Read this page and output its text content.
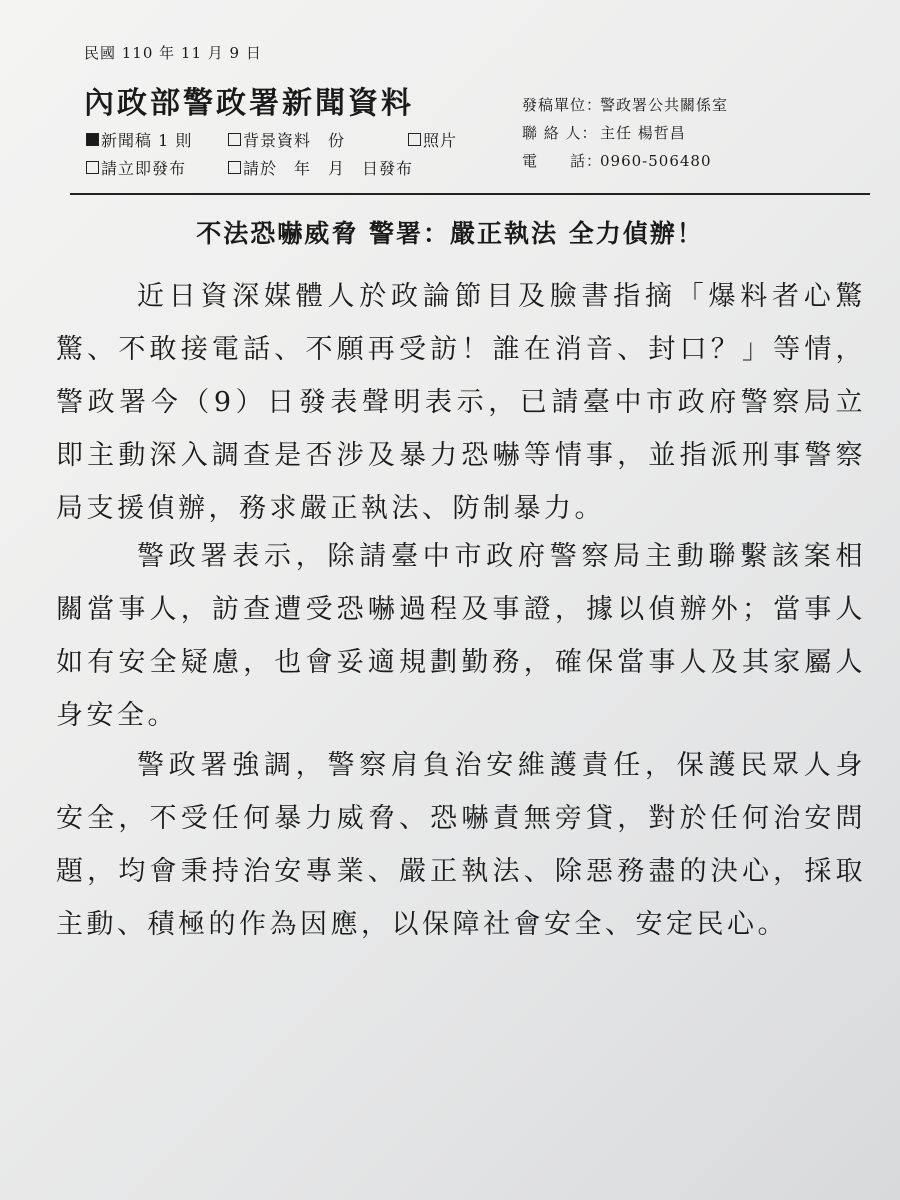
民國 110 年 11 月 9 日
內政部警政署新聞資料
新聞稿 1 則	背景資料　份	照片
請立即發布	請於　年　月　日發布
發稿單位：警政署公共關係室
聯 絡 人： 主任 楊哲昌
電　　話：0960-506480
不法恐嚇威脅 警署：嚴正執法 全力偵辦！

近日資深媒體人於政論節目及臉書指摘「爆料者心驚驚、不敢接電話、不願再受訪！誰在消音、封口？」等情，警政署今（9）日發表聲明表示，已請臺中市政府警察局立即主動深入調查是否涉及暴力恐嚇等情事，並指派刑事警察局支援偵辦，務求嚴正執法、防制暴力。

警政署表示，除請臺中市政府警察局主動聯繫該案相關當事人，訪查遭受恐嚇過程及事證，據以偵辦外；當事人如有安全疑慮，也會妥適規劃勤務，確保當事人及其家屬人身安全。

警政署強調，警察肩負治安維護責任，保護民眾人身安全，不受任何暴力威脅、恐嚇責無旁貸，對於任何治安問題，均會秉持治安專業、嚴正執法、除惡務盡的決心，採取主動、積極的作為因應，以保障社會安全、安定民心。
